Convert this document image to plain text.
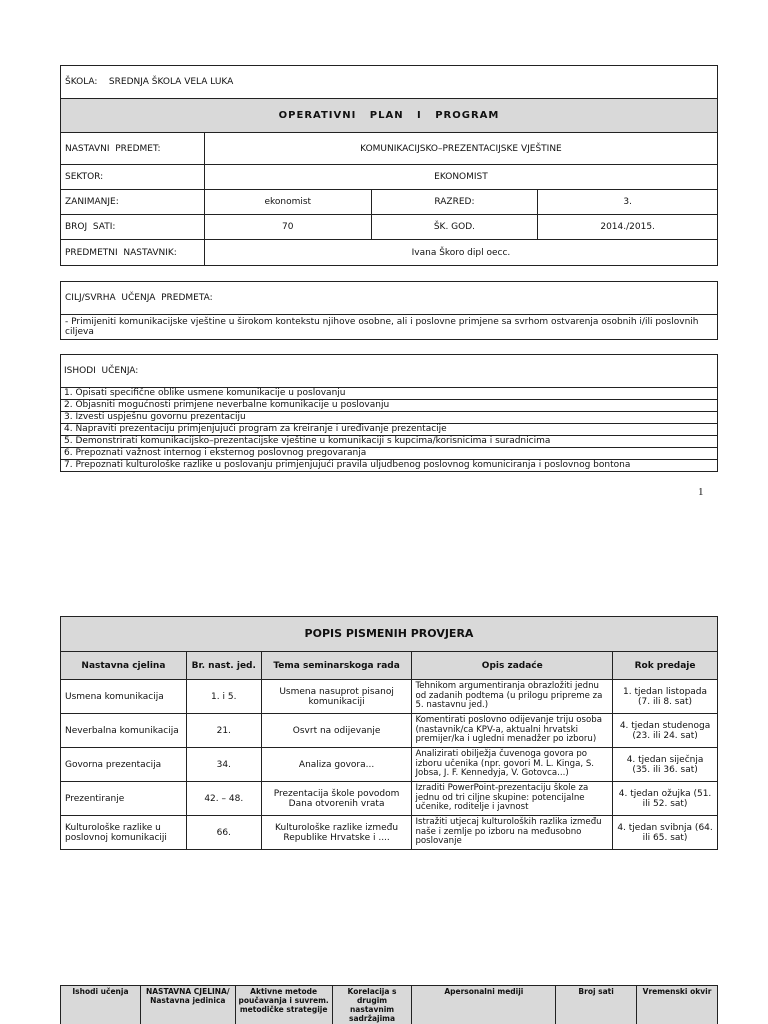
ŠKOLA: SREDNJA ŠKOLA VELA LUKA			
OPERATIVNI   PLAN   I   PROGRAM			
NASTAVNI  PREDMET:	KOMUNIKACIJSKO–PREZENTACIJSKE VJEŠTINE		
SEKTOR:	EKONOMIST		
ZANIMANJE:	ekonomist	RAZRED:	3.
BROJ  SATI:	70	ŠK. GOD.	2014./2015.
PREDMETNI  NASTAVNIK:	Ivana Škoro dipl oecc.		
CILJ/SVRHA  UČENJA  PREDMETA:
- Primijeniti komunikacijske vještine u širokom kontekstu njihove osobne, ali i poslovne primjene sa svrhom ostvarenja osobnih i/ili poslovnih  ciljeva
ISHODI  UČENJA:
1. Opisati specifične oblike usmene komunikacije u poslovanju
2. Objasniti mogućnosti primjene neverbalne komunikacije u poslovanju
3. Izvesti uspješnu govornu prezentaciju
4. Napraviti prezentaciju primjenjujući program za kreiranje i uređivanje prezentacije
5. Demonstrirati komunikacijsko–prezentacijske vještine u komunikaciji s kupcima/korisnicima i suradnicima
6. Prepoznati važnost internog i eksternog poslovnog pregovaranja
7. Prepoznati kulturološke razlike u poslovanju primjenjujući pravila uljudbenog poslovnog komuniciranja i poslovnog bontona
1
POPIS PISMENIH PROVJERA				
Nastavna cjelina	Br. nast. jed.	Tema seminarskoga rada	Opis zadaće	Rok predaje
Usmena komunikacija	1. i 5.	Usmena nasuprot pisanoj komunikaciji	Tehnikom argumentiranja obrazložiti jednu od zadanih podtema (u prilogu pripreme za 5. nastavnu jed.)	1. tjedan listopada (7. ili 8. sat)
Neverbalna komunikacija	21.	Osvrt na odijevanje	Komentirati poslovno odijevanje triju osoba (nastavnik/ca KPV-a, aktualni hrvatski premijer/ka i ugledni menadžer po izboru)	4. tjedan studenoga (23. ili 24. sat)
Govorna prezentacija	34.	Analiza govora...	Analizirati obilježja čuvenoga govora po izboru učenika (npr. govori M. L. Kinga, S. Jobsa, J. F. Kennedyja, V. Gotovca...)	4. tjedan siječnja (35. ili 36. sat)
Prezentiranje	42. – 48.	Prezentacija škole povodom Dana otvorenih vrata	Izraditi PowerPoint-prezentaciju škole za jednu od tri ciljne skupine: potencijalne učenike, roditelje i javnost	4. tjedan ožujka (51. ili 52. sat)
Kulturološke razlike u poslovnoj komunikaciji	66.	Kulturološke razlike između Republike Hrvatske i ....	Istražiti utjecaj kulturoloških razlika između naše i zemlje po izboru na međusobno poslovanje	4. tjedan svibnja (64. ili 65. sat)
Ishodi učenja	NASTAVNA CJELINA/ Nastavna jedinica	Aktivne metode poučavanja i suvrem. metodičke strategije	Korelacija s drugim nastavnim sadržajima	Apersonalni mediji	Broj sati	Vremenski okvir
